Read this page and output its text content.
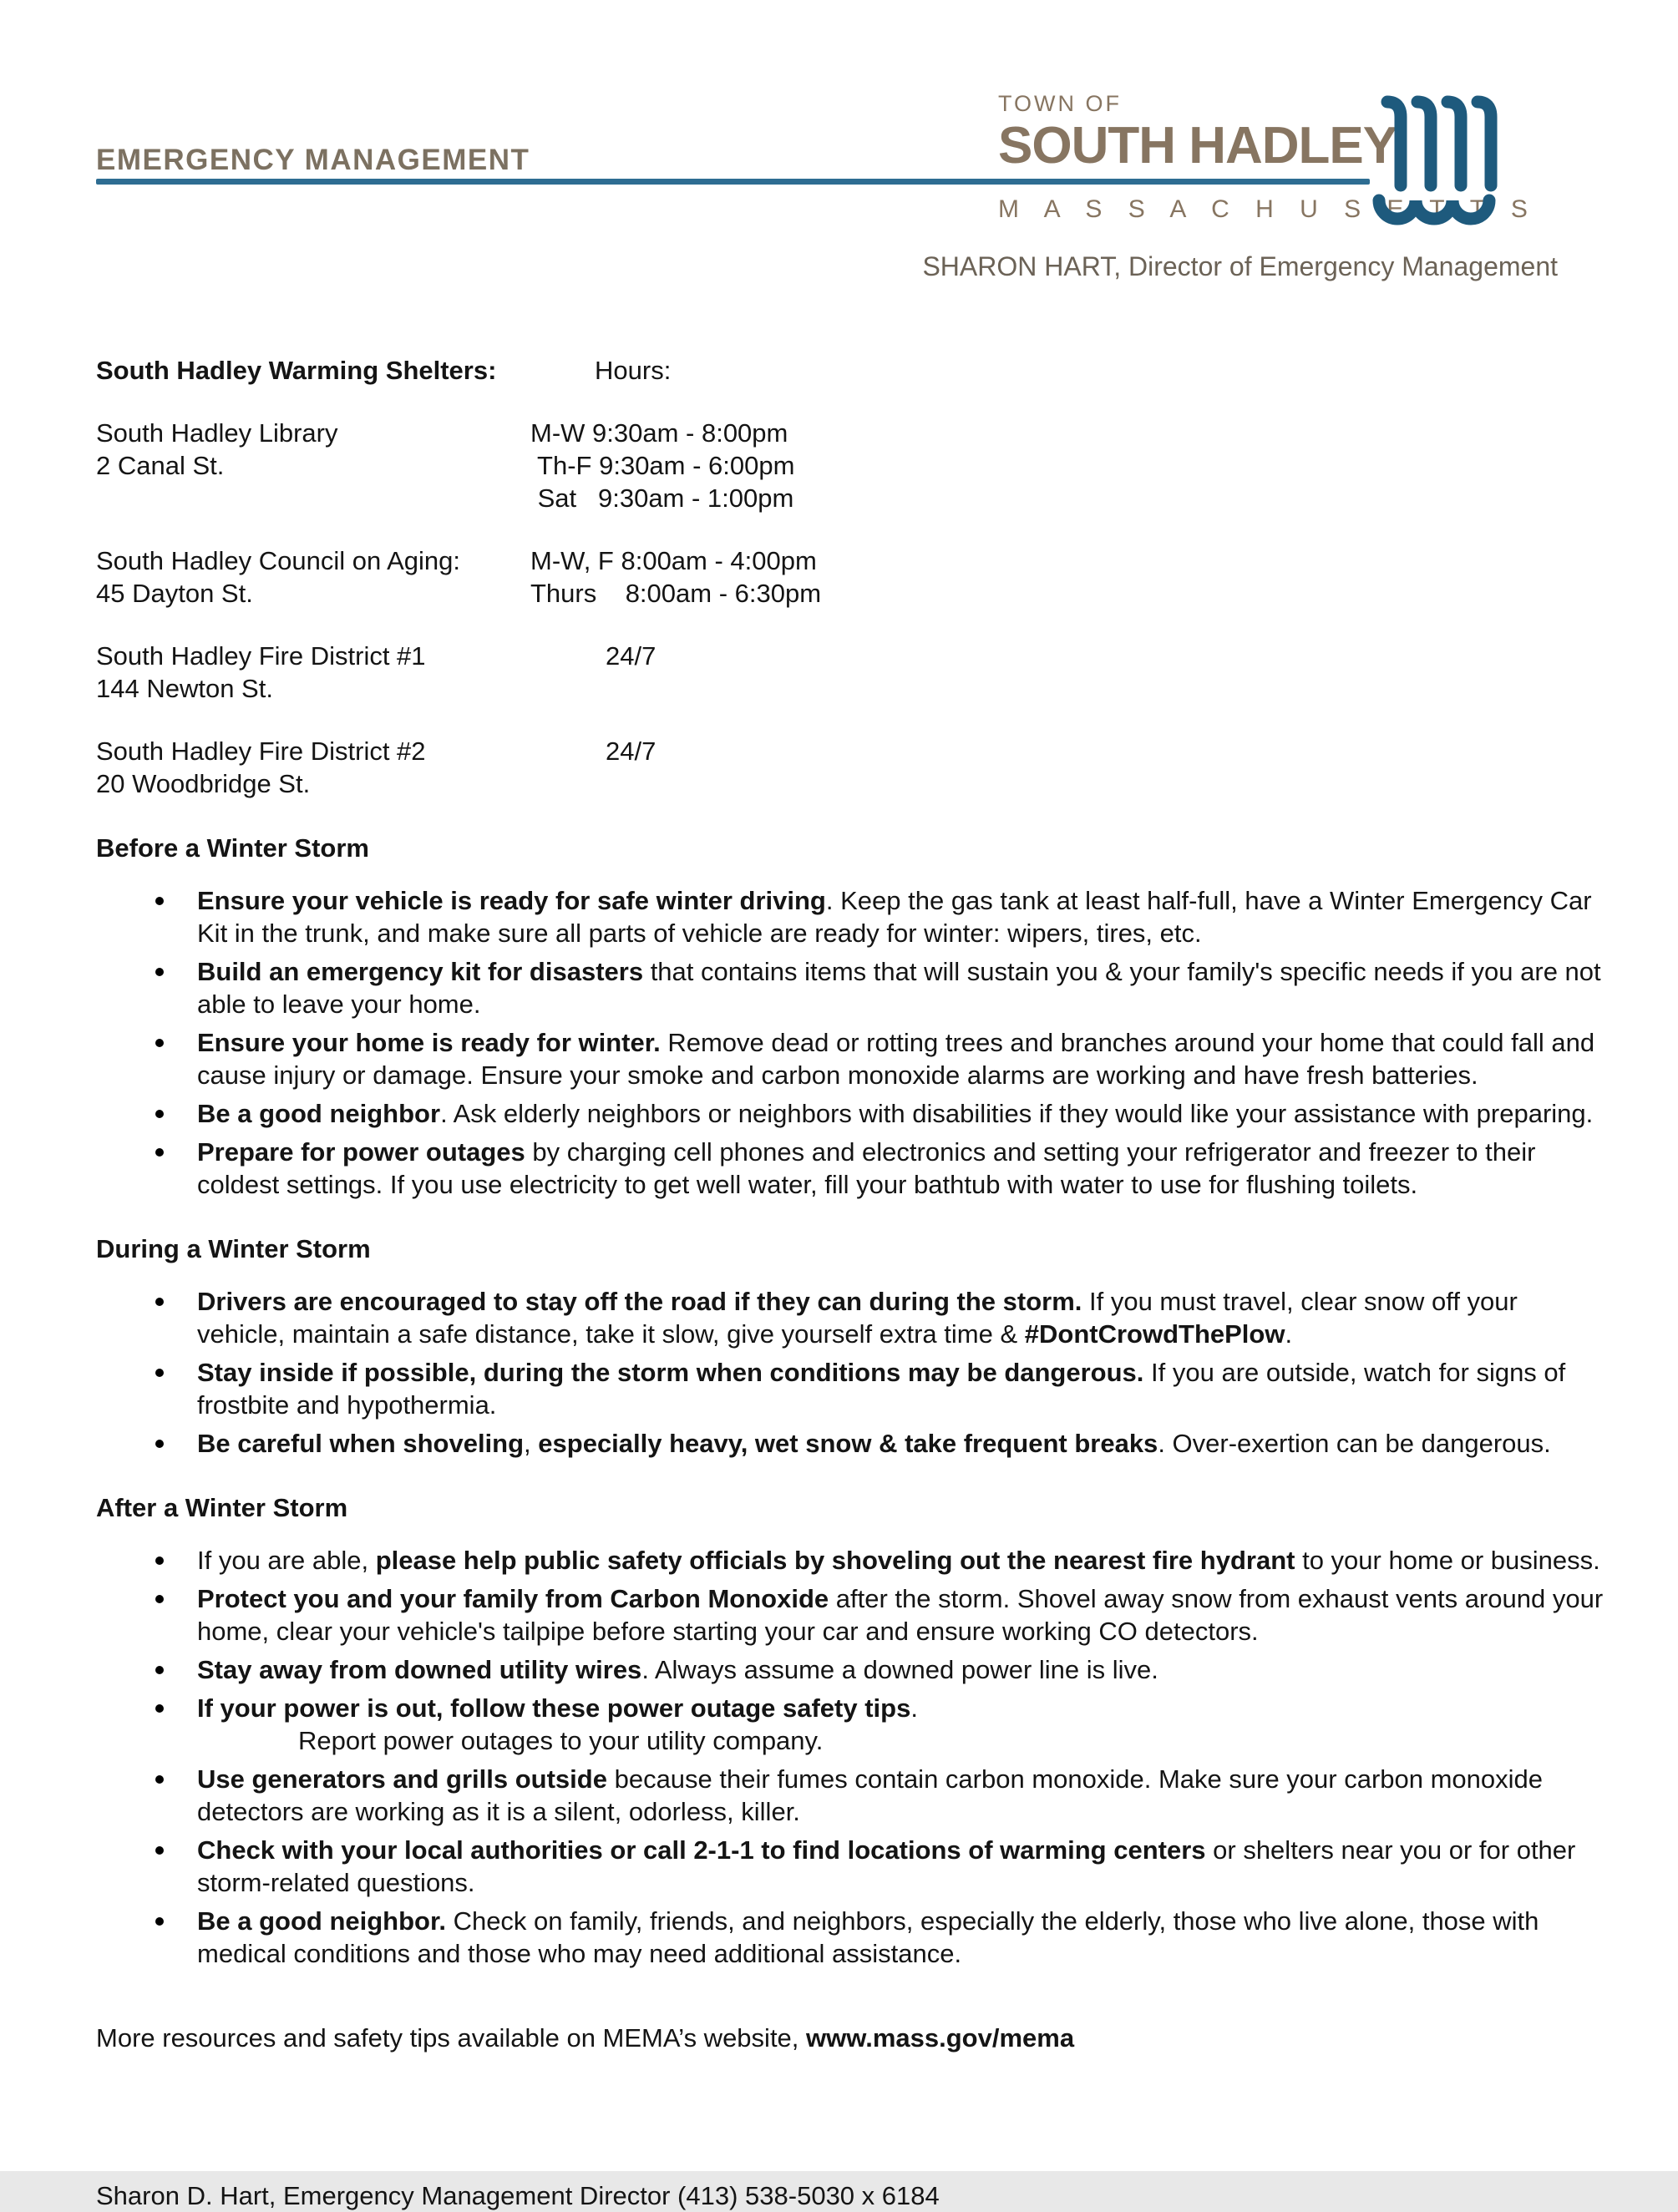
EMERGENCY MANAGEMENT
TOWN OF
SOUTH HADLEY
M A S S A C H U S E T T S
SHARON HART, Director of Emergency Management
South Hadley Warming Shelters:	Hours:
South Hadley Library
2 Canal St.
M-W 9:30am - 8:00pm
Th-F 9:30am - 6:00pm
Sat   9:30am - 1:00pm
South Hadley Council on Aging:
45 Dayton St.
M-W, F 8:00am - 4:00pm
Thurs    8:00am - 6:30pm
South Hadley Fire District #1
144 Newton St.
24/7
South Hadley Fire District #2
20 Woodbridge St.
24/7
Before a Winter Storm
Ensure your vehicle is ready for safe winter driving. Keep the gas tank at least half-full, have a Winter Emergency Car Kit in the trunk, and make sure all parts of vehicle are ready for winter: wipers, tires, etc.
Build an emergency kit for disasters that contains items that will sustain you & your family's specific needs if you are not able to leave your home.
Ensure your home is ready for winter. Remove dead or rotting trees and branches around your home that could fall and cause injury or damage. Ensure your smoke and carbon monoxide alarms are working and have fresh batteries.
Be a good neighbor. Ask elderly neighbors or neighbors with disabilities if they would like your assistance with preparing.
Prepare for power outages by charging cell phones and electronics and setting your refrigerator and freezer to their coldest settings. If you use electricity to get well water, fill your bathtub with water to use for flushing toilets.
During a Winter Storm
Drivers are encouraged to stay off the road if they can during the storm. If you must travel, clear snow off your vehicle, maintain a safe distance, take it slow, give yourself extra time & #DontCrowdThePlow.
Stay inside if possible, during the storm when conditions may be dangerous. If you are outside, watch for signs of frostbite and hypothermia.
Be careful when shoveling, especially heavy, wet snow & take frequent breaks. Over-exertion can be dangerous.
After a Winter Storm
If you are able, please help public safety officials by shoveling out the nearest fire hydrant to your home or business.
Protect you and your family from Carbon Monoxide after the storm. Shovel away snow from exhaust vents around your home, clear your vehicle's tailpipe before starting your car and ensure working CO detectors.
Stay away from downed utility wires. Always assume a downed power line is live.
If your power is out, follow these power outage safety tips.
Report power outages to your utility company.
Use generators and grills outside because their fumes contain carbon monoxide. Make sure your carbon monoxide detectors are working as it is a silent, odorless, killer.
Check with your local authorities or call 2-1-1 to find locations of warming centers or shelters near you or for other storm-related questions.
Be a good neighbor. Check on family, friends, and neighbors, especially the elderly, those who live alone, those with medical conditions and those who may need additional assistance.
More resources and safety tips available on MEMA’s website, www.mass.gov/mema
Sharon D. Hart, Emergency Management Director (413) 538-5030 x 6184
